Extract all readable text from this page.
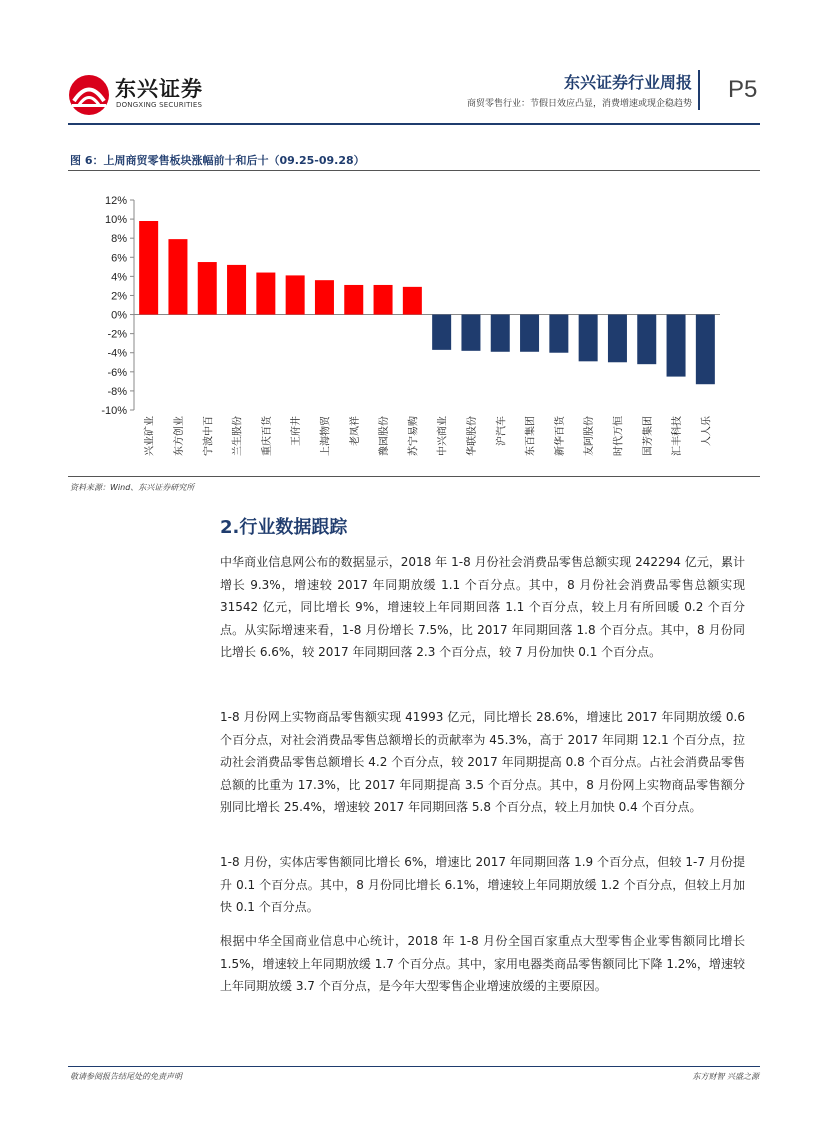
东兴证券
DONGXING SECURITIES
东兴证券行业周报
商贸零售行业：节假日效应凸显，消费增速或现企稳趋势
P5
图 6：上周商贸零售板块涨幅前十和后十（09.25-09.28）
12%
10%
8%
6%
4%
2%
0%
-2%
-4%
-6%
-8%
-10%
兴业矿业 东方创业 宁波中百 兰生股份 重庆百货 王府井 上海物贸 老凤祥 豫园股份 苏宁易购 中兴商业 华联股份 沪汽车 东百集团 新华百货 友阿股份 时代万恒 国芳集团 汇丰科技 人人乐
资料来源：Wind、东兴证券研究所
2.行业数据跟踪

中华商业信息网公布的数据显示，2018 年 1-8 月份社会消费品零售总额实现 242294 亿元，累计增长 9.3%，增速较 2017 年同期放缓 1.1 个百分点。其中，8 月份社会消费品零售总额实现 31542 亿元，同比增长 9%，增速较上年同期回落 1.1 个百分点，较上月有所回暖 0.2 个百分点。从实际增速来看，1-8 月份增长 7.5%，比 2017 年同期回落 1.8 个百分点。其中，8 月份同比增长 6.6%，较 2017 年同期回落 2.3 个百分点，较 7 月份加快 0.1 个百分点。

1-8 月份网上实物商品零售额实现 41993 亿元，同比增长 28.6%，增速比 2017 年同期放缓 0.6 个百分点，对社会消费品零售总额增长的贡献率为 45.3%，高于 2017 年同期 12.1 个百分点，拉动社会消费品零售总额增长 4.2 个百分点，较 2017 年同期提高 0.8 个百分点。占社会消费品零售总额的比重为 17.3%，比 2017 年同期提高 3.5 个百分点。其中，8 月份网上实物商品零售额分别同比增长 25.4%，增速较 2017 年同期回落 5.8 个百分点，较上月加快 0.4 个百分点。

1-8 月份，实体店零售额同比增长 6%，增速比 2017 年同期回落 1.9 个百分点，但较 1-7 月份提升 0.1 个百分点。其中，8 月份同比增长 6.1%，增速较上年同期放缓 1.2 个百分点，但较上月加快 0.1 个百分点。

根据中华全国商业信息中心统计，2018 年 1-8 月份全国百家重点大型零售企业零售额同比增长 1.5%，增速较上年同期放缓 1.7 个百分点。其中，家用电器类商品零售额同比下降 1.2%，增速较上年同期放缓 3.7 个百分点，是今年大型零售企业增速放缓的主要原因。

敬请参阅报告结尾处的免责声明	东方财智 兴盛之源
